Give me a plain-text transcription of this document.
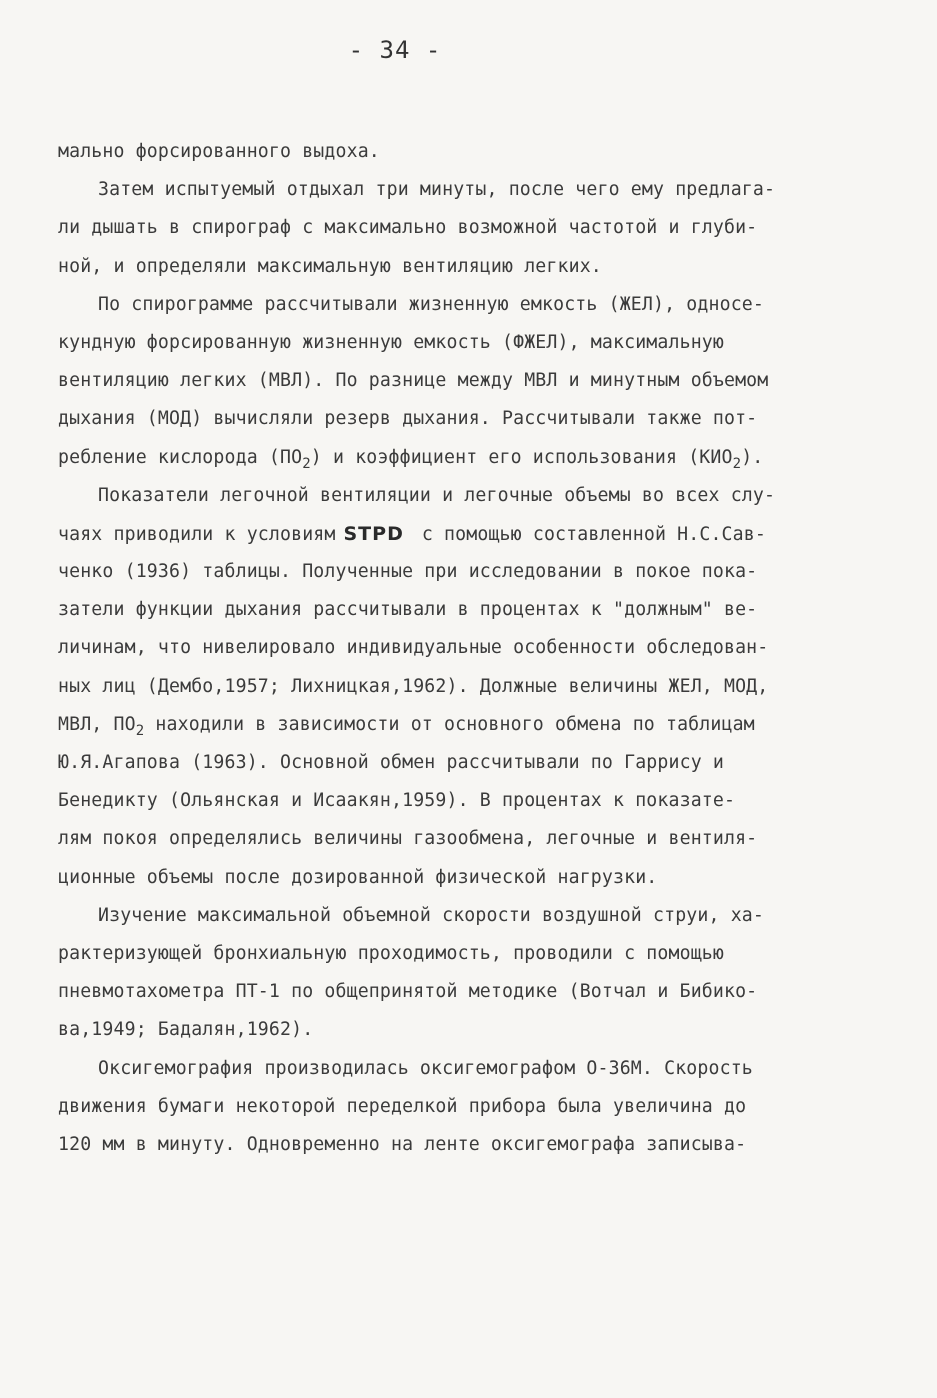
- 34 -
мально форсированного выдоха.
Затем испытуемый отдыхал три минуты, после чего ему предлага-
ли дышать в спирограф с максимально возможной частотой и глуби-
ной, и определяли максимальную вентиляцию легких.
По спирограмме рассчитывали жизненную емкость (ЖЕЛ), односе-
кундную форсированную жизненную емкость (ФЖЕЛ), максимальную
вентиляцию легких (МВЛ). По разнице между МВЛ и минутным объемом
дыхания (МОД) вычисляли резерв дыхания. Рассчитывали также пот-
ребление кислорода $(ПО_2)$ и коэффициент его использования $(КИО_2)$.
Показатели легочной вентиляции и легочные объемы во всех слу-
чаях приводили к условиям STPD с помощью составленной Н.С.Сав-
ченко (1936) таблицы. Полученные при исследовании в покое пока-
затели функции дыхания рассчитывали в процентах к "должным" ве-
личинам, что нивелировало индивидуальные особенности обследован-
ных лиц (Дембо,1957; Лихницкая,1962). Должные величины ЖЕЛ, МОД,
МВЛ, $ПО_2$ находили в зависимости от основного обмена по таблицам
Ю.Я.Агапова (1963). Основной обмен рассчитывали по Гаррису и
Бенедикту (Ольянская и Исаакян,1959). В процентах к показате-
лям покоя определялись величины газообмена, легочные и вентиля-
ционные объемы после дозированной физической нагрузки.
Изучение максимальной объемной скорости воздушной струи, ха-
рактеризующей бронхиальную проходимость, проводили с помощью
пневмотахометра ПТ-1 по общепринятой методике (Вотчал и Бибико-
ва,1949; Бадалян,1962).
Оксигемография производилась оксигемографом О-36М. Скорость
движения бумаги некоторой переделкой прибора была увеличина до
120 мм в минуту. Одновременно на ленте оксигемографа записыва-
